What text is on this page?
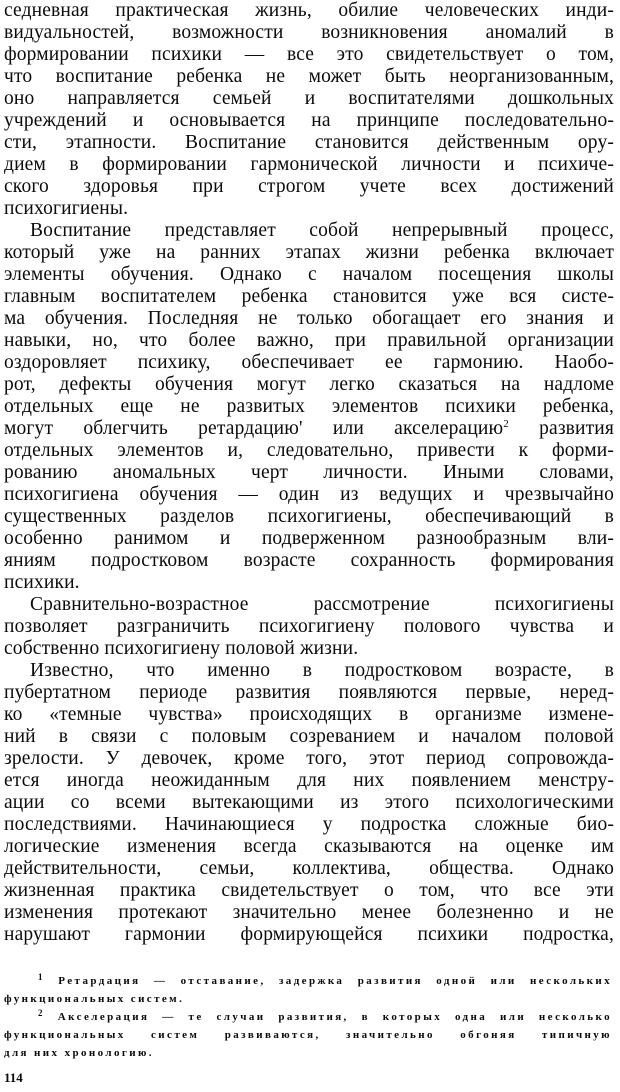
седневная практическая жизнь, обилие человеческих инди-
видуальностей, возможности возникновения аномалий в
формировании психики — все это свидетельствует о том,
что воспитание ребенка не может быть неорганизованным,
оно направляется семьей и воспитателями дошкольных
учреждений и основывается на принципе последовательно-
сти, этапности. Воспитание становится действенным ору-
дием в формировании гармонической личности и психиче-
ского здоровья при строгом учете всех достижений
психогигиены.
Воспитание представляет собой непрерывный процесс,
который уже на ранних этапах жизни ребенка включает
элементы обучения. Однако с началом посещения школы
главным воспитателем ребенка становится уже вся систе-
ма обучения. Последняя не только обогащает его знания и
навыки, но, что более важно, при правильной организации
оздоровляет психику, обеспечивает ее гармонию. Наобо-
рот, дефекты обучения могут легко сказаться на надломе
отдельных еще не развитых элементов психики ребенка,
могут облегчить ретардацию' или акселерацию$^2$ развития
отдельных элементов и, следовательно, привести к форми-
рованию аномальных черт личности. Иными словами,
психогигиена обучения — один из ведущих и чрезвычайно
существенных разделов психогигиены, обеспечивающий в
особенно ранимом и подверженном разнообразным вли-
яниям подростковом возрасте сохранность формирования
психики.
Сравнительно-возрастное рассмотрение психогигиены
позволяет разграничить психогигиену полового чувства и
собственно психогигиену половой жизни.
Известно, что именно в подростковом возрасте, в
пубертатном периоде развития появляются первые, неред-
ко «темные чувства» происходящих в организме измене-
ний в связи с половым созреванием и началом половой
зрелости. У девочек, кроме того, этот период сопровожда-
ется иногда неожиданным для них появлением менстру-
ации со всеми вытекающими из этого психологическими
последствиями. Начинающиеся у подростка сложные био-
логические изменения всегда сказываются на оценке им
действительности, семьи, коллектива, общества. Однако
жизненная практика свидетельствует о том, что все эти
изменения протекают значительно менее болезненно и не
нарушают гармонии формирующейся психики подростка,
$^1$ Ретардация — отставание, задержка развития одной или нескольких
функциональных систем.
$^2$ Акселерация — те случаи развития, в которых одна или несколько
функциональных систем развиваются, значительно обгоняя типичную
для них хронологию.
114
